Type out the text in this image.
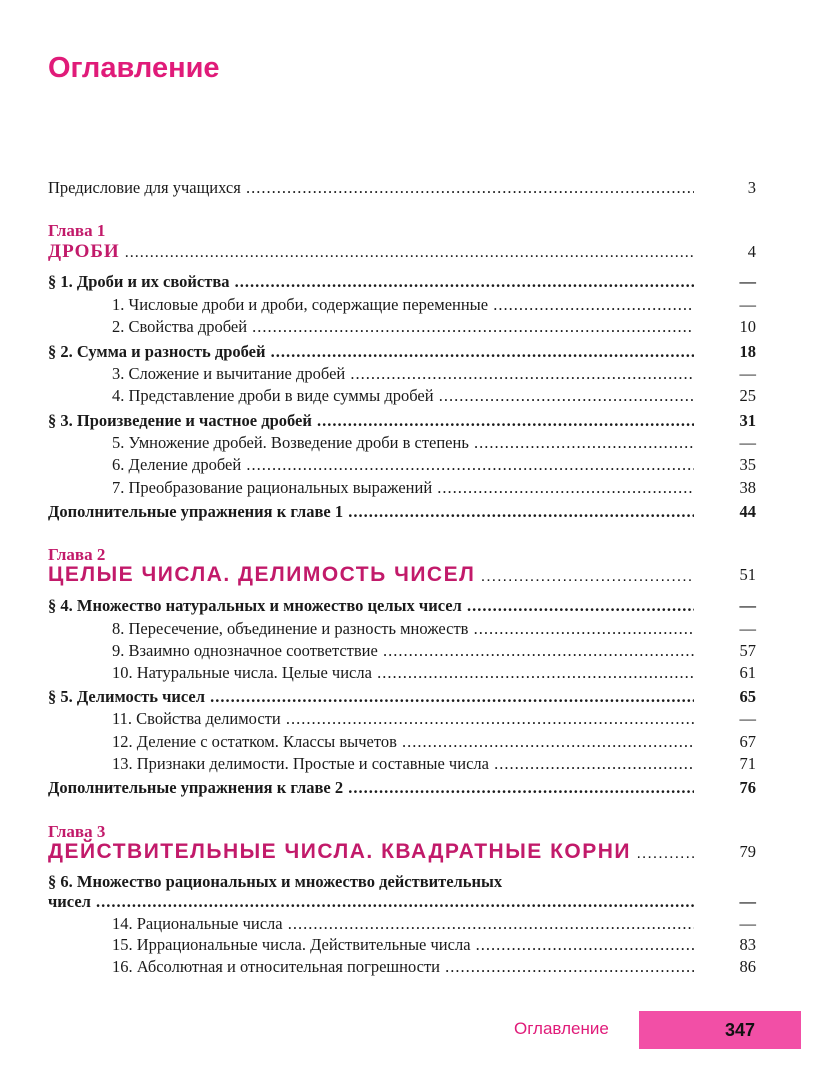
Оглавление
Предисловие для учащихся .....	3
Глава 1
ДРОБИ .....	4
§ 1. Дроби и их свойства .....	—
1. Числовые дроби и дроби, содержащие переменные .....	—
2. Свойства дробей .....	10
§ 2. Сумма и разность дробей .....	18
3. Сложение и вычитание дробей .....	—
4. Представление дроби в виде суммы дробей .....	25
§ 3. Произведение и частное дробей .....	31
5. Умножение дробей. Возведение дроби в степень .....	—
6. Деление дробей .....	35
7. Преобразование рациональных выражений .....	38
Дополнительные упражнения к главе 1 .....	44
Глава 2
ЦЕЛЫЕ ЧИСЛА. ДЕЛИМОСТЬ ЧИСЕЛ .....	51
§ 4. Множество натуральных и множество целых чисел .....	—
8. Пересечение, объединение и разность множеств .....	—
9. Взаимно однозначное соответствие .....	57
10. Натуральные числа. Целые числа .....	61
§ 5. Делимость чисел .....	65
11. Свойства делимости .....	—
12. Деление с остатком. Классы вычетов .....	67
13. Признаки делимости. Простые и составные числа .....	71
Дополнительные упражнения к главе 2 .....	76
Глава 3
ДЕЙСТВИТЕЛЬНЫЕ ЧИСЛА. КВАДРАТНЫЕ КОРНИ .....	79
§ 6. Множество рациональных и множество действительных
чисел .....	—
14. Рациональные числа .....	—
15. Иррациональные числа. Действительные числа .....	83
16. Абсолютная и относительная погрешности .....	86
Оглавление	347
